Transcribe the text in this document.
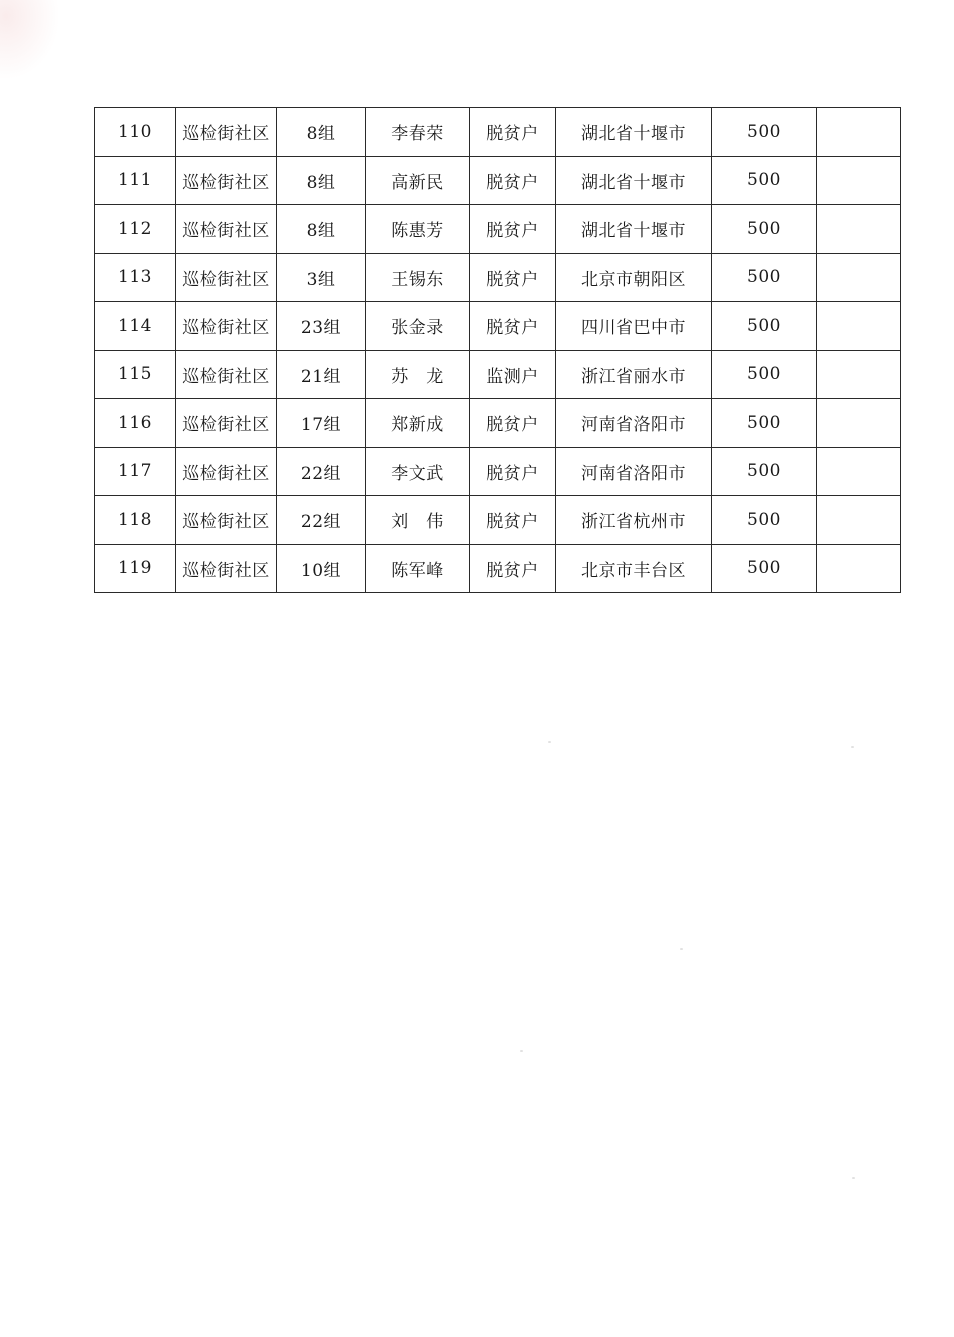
110	巡检街社区	8组	李春荣	脱贫户	湖北省十堰市	500	
111	巡检街社区	8组	高新民	脱贫户	湖北省十堰市	500	
112	巡检街社区	8组	陈惠芳	脱贫户	湖北省十堰市	500	
113	巡检街社区	3组	王锡东	脱贫户	北京市朝阳区	500	
114	巡检街社区	23组	张金录	脱贫户	四川省巴中市	500	
115	巡检街社区	21组	苏　龙	监测户	浙江省丽水市	500	
116	巡检街社区	17组	郑新成	脱贫户	河南省洛阳市	500	
117	巡检街社区	22组	李文武	脱贫户	河南省洛阳市	500	
118	巡检街社区	22组	刘　伟	脱贫户	浙江省杭州市	500	
119	巡检街社区	10组	陈军峰	脱贫户	北京市丰台区	500	
